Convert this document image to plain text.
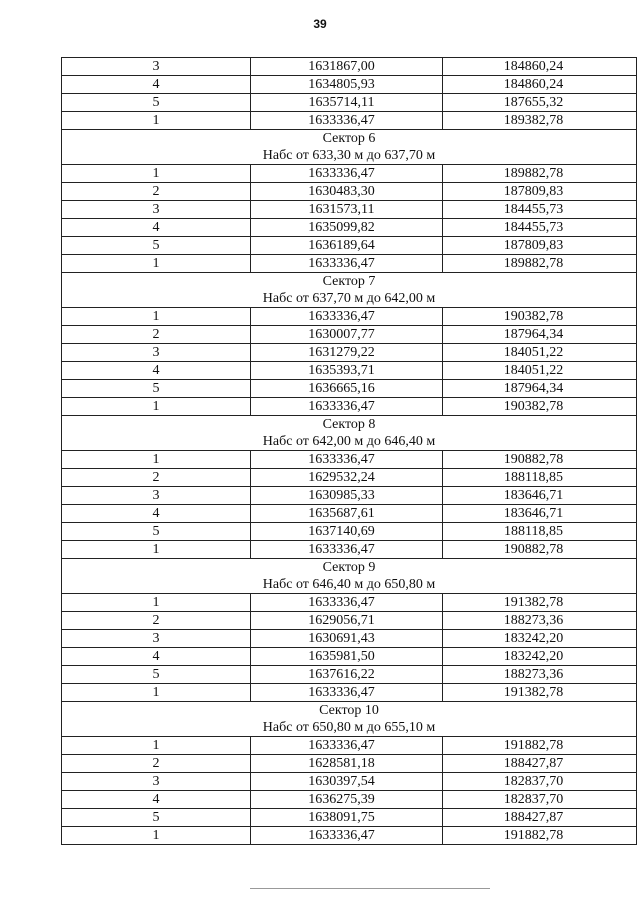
39
3	1631867,00	184860,24
4	1634805,93	184860,24
5	1635714,11	187655,32
1	1633336,47	189382,78
Сектор 6		
Набс от 633,30 м до 637,70 м		
1	1633336,47	189882,78
2	1630483,30	187809,83
3	1631573,11	184455,73
4	1635099,82	184455,73
5	1636189,64	187809,83
1	1633336,47	189882,78
Сектор 7		
Набс от 637,70 м до 642,00 м		
1	1633336,47	190382,78
2	1630007,77	187964,34
3	1631279,22	184051,22
4	1635393,71	184051,22
5	1636665,16	187964,34
1	1633336,47	190382,78
Сектор 8		
Набс от 642,00 м до 646,40 м		
1	1633336,47	190882,78
2	1629532,24	188118,85
3	1630985,33	183646,71
4	1635687,61	183646,71
5	1637140,69	188118,85
1	1633336,47	190882,78
Сектор 9		
Набс от 646,40 м до 650,80 м		
1	1633336,47	191382,78
2	1629056,71	188273,36
3	1630691,43	183242,20
4	1635981,50	183242,20
5	1637616,22	188273,36
1	1633336,47	191382,78
Сектор 10		
Набс от 650,80 м до 655,10 м		
1	1633336,47	191882,78
2	1628581,18	188427,87
3	1630397,54	182837,70
4	1636275,39	182837,70
5	1638091,75	188427,87
1	1633336,47	191882,78
